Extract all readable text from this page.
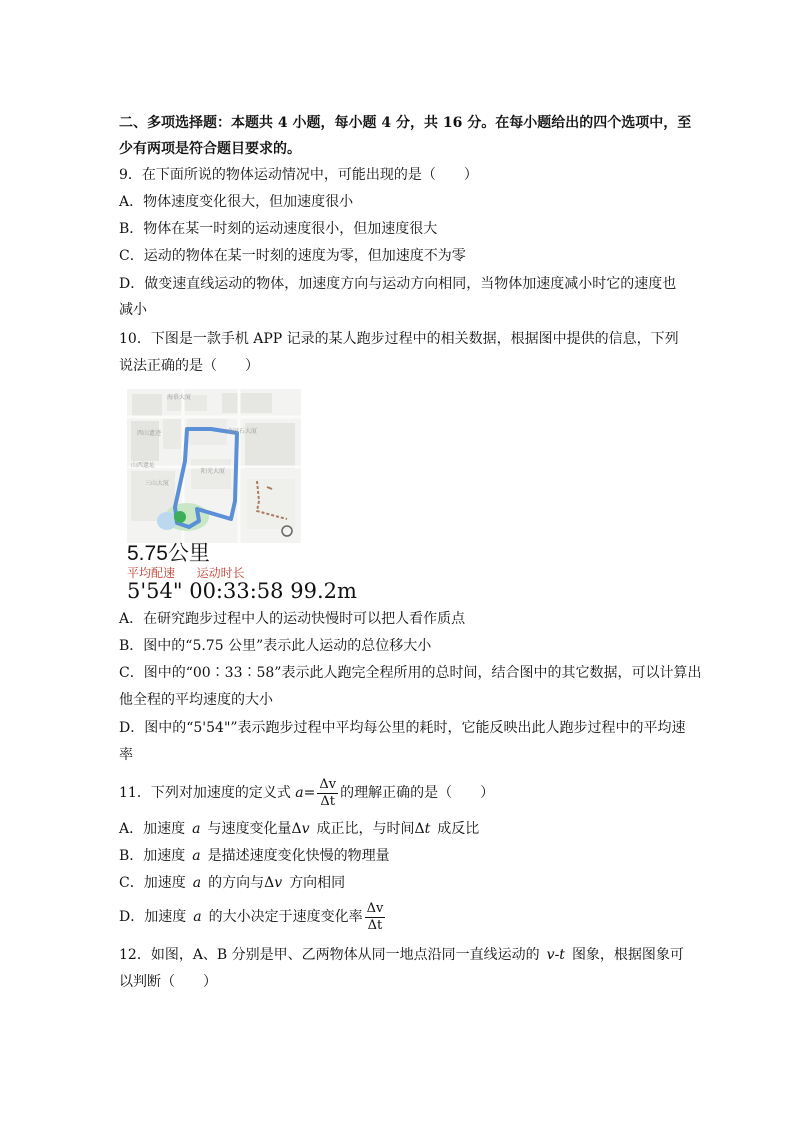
二、多项选择题：本题共 4 小题，每小题 4 分，共 16 分。在每小题给出的四个选项中，至
少有两项是符合题目要求的。
9．在下面所说的物体运动情况中，可能出现的是（　　）
A．物体速度变化很大，但加速度很小
B．物体在某一时刻的运动速度很小，但加速度很大
C．运动的物体在某一时刻的速度为零，但加速度不为零
D．做变速直线运动的物体，加速度方向与运动方向相同，当物体加速度减小时它的速度也
减小
10．下图是一款手机 APP 记录的某人跑步过程中的相关数据，根据图中提供的信息，下列
说法正确的是（　　）
海慕大厦
西山遗迹	金冠石大厦
山西遗址
三山大厦
阳光大厦
5.75公里
平均配速 运动时长
5'54" 00:33:58 99.2m
A．在研究跑步过程中人的运动快慢时可以把人看作质点
B．图中的“5.75 公里”表示此人运动的总位移大小
C．图中的“00∶33∶58”表示此人跑完全程所用的总时间，结合图中的其它数据，可以计算出
他全程的平均速度的大小
D．图中的“5'54"”表示跑步过程中平均每公里的耗时，它能反映出此人跑步过程中的平均速
率
11．下列对加速度的定义式 $a= \frac{\Delta v}{\Delta t}$ 的理解正确的是（　　）
A．加速度 a 与速度变化量Δv 成正比，与时间Δt 成反比
B．加速度 a 是描述速度变化快慢的物理量
C．加速度 a 的方向与Δv 方向相同
D．加速度 a 的大小决定于速度变化率 $\frac{\Delta v}{\Delta t}$
12．如图，A、B 分别是甲、乙两物体从同一地点沿同一直线运动的 v-t 图象，根据图象可
以判断（　　）
